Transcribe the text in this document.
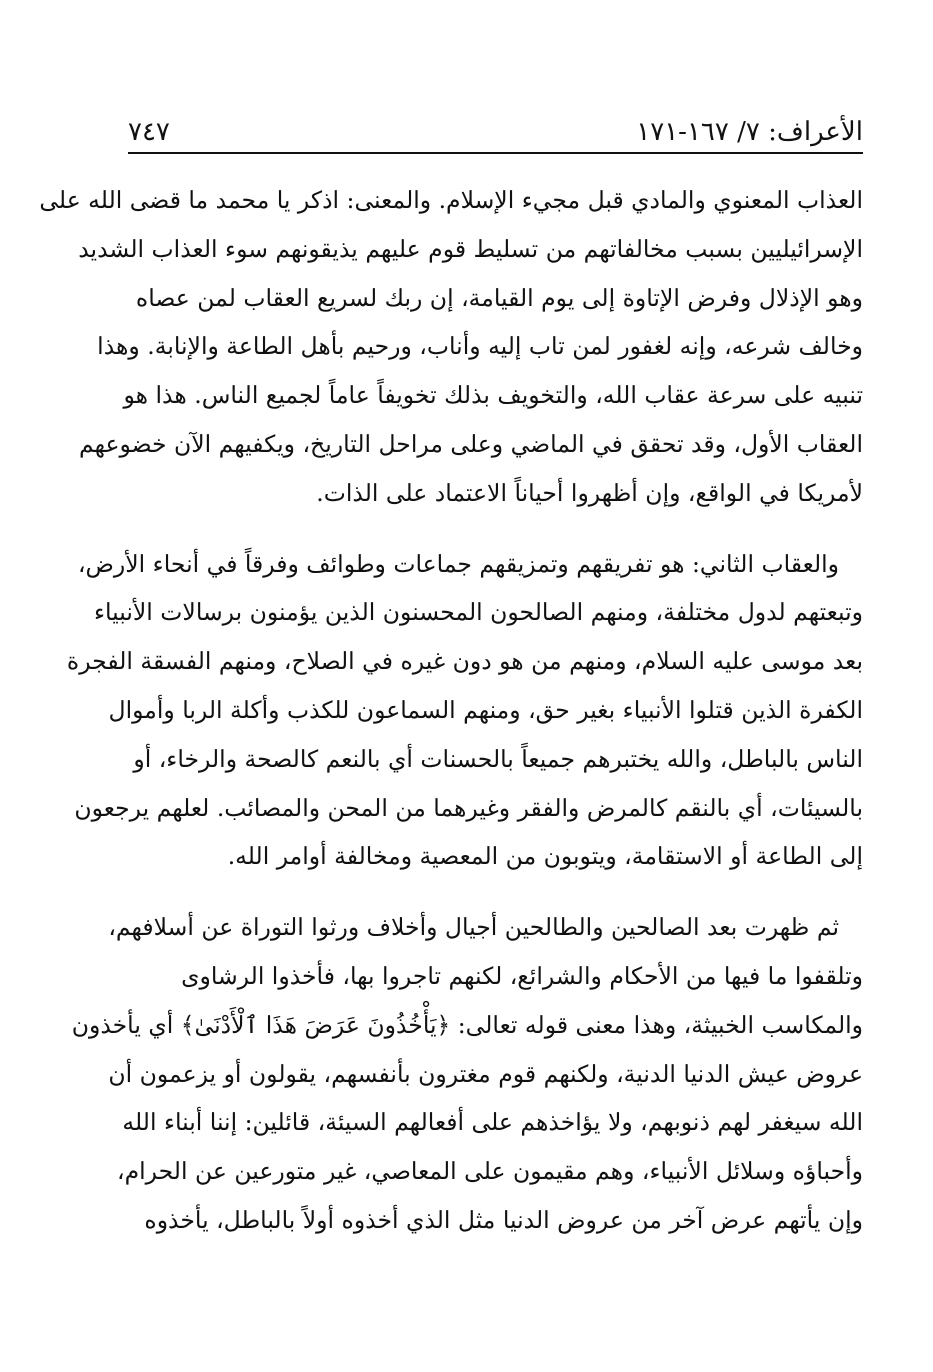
الأعراف: ٧/ ١٦٧-١٧١
٧٤٧
العذاب المعنوي والمادي قبل مجيء الإسلام. والمعنى: اذكر يا محمد ما قضى الله على
الإسرائيليين بسبب مخالفاتهم من تسليط قوم عليهم يذيقونهم سوء العذاب الشديد
وهو الإذلال وفرض الإتاوة إلى يوم القيامة، إن ربك لسريع العقاب لمن عصاه
وخالف شرعه، وإنه لغفور لمن تاب إليه وأناب، ورحيم بأهل الطاعة والإنابة. وهذا
تنبيه على سرعة عقاب الله، والتخويف بذلك تخويفاً عاماً لجميع الناس. هذا هو
العقاب الأول، وقد تحقق في الماضي وعلى مراحل التاريخ، ويكفيهم الآن خضوعهم
لأمريكا في الواقع، وإن أظهروا أحياناً الاعتماد على الذات.
والعقاب الثاني: هو تفريقهم وتمزيقهم جماعات وطوائف وفرقاً في أنحاء الأرض،
وتبعتهم لدول مختلفة، ومنهم الصالحون المحسنون الذين يؤمنون برسالات الأنبياء
بعد موسى عليه السلام، ومنهم من هو دون غيره في الصلاح، ومنهم الفسقة الفجرة
الكفرة الذين قتلوا الأنبياء بغير حق، ومنهم السماعون للكذب وأكلة الربا وأموال
الناس بالباطل، والله يختبرهم جميعاً بالحسنات أي بالنعم كالصحة والرخاء، أو
بالسيئات، أي بالنقم كالمرض والفقر وغيرهما من المحن والمصائب. لعلهم يرجعون
إلى الطاعة أو الاستقامة، ويتوبون من المعصية ومخالفة أوامر الله.
ثم ظهرت بعد الصالحين والطالحين أجيال وأخلاف ورثوا التوراة عن أسلافهم،
وتلقفوا ما فيها من الأحكام والشرائع، لكنهم تاجروا بها، فأخذوا الرشاوى
والمكاسب الخبيثة، وهذا معنى قوله تعالى: ﴿يَأْخُذُونَ عَرَضَ هَذَا ٱلْأَدْنَىٰ﴾ أي يأخذون
عروض عيش الدنيا الدنية، ولكنهم قوم مغترون بأنفسهم، يقولون أو يزعمون أن
الله سيغفر لهم ذنوبهم، ولا يؤاخذهم على أفعالهم السيئة، قائلين: إننا أبناء الله
وأحباؤه وسلائل الأنبياء، وهم مقيمون على المعاصي، غير متورعين عن الحرام،
وإن يأتهم عرض آخر من عروض الدنيا مثل الذي أخذوه أولاً بالباطل، يأخذوه
